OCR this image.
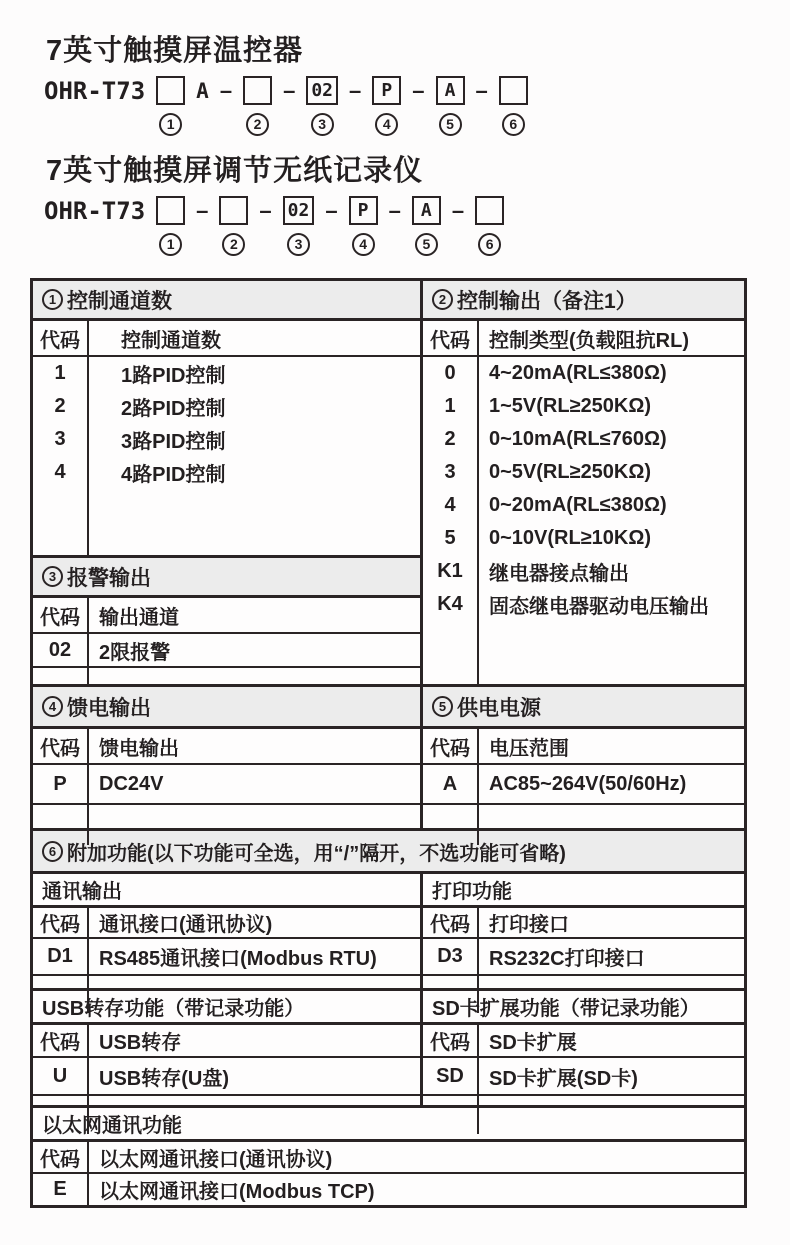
7英寸触摸屏温控器
OHR-T73
1
A –
2
– 02
3
–	P
4
–	A
5
–
6
7英寸触摸屏调节无纸记录仪
OHR-T73
1
–
2
– 02
3
–	P
4
–	A
5
–
6
1 控制通道数
代码	控制通道数
1	1路PID控制
2	2路PID控制
3	3路PID控制
4	4路PID控制
3 报警输出
代码 输出通道
02	2限报警
2 控制输出（备注1）
代码 控制类型(负载阻抗RL)
0	4~20mA(RL≤380Ω)
1	1~5V(RL≥250KΩ)
2	0~10mA(RL≤760Ω)
3	0~5V(RL≥250KΩ)
4	0~20mA(RL≤380Ω)
5	0~10V(RL≥10KΩ)
K1	继电器接点输出
K4	固态继电器驱动电压输出
4 馈电输出
代码 馈电输出
P	DC24V
5 供电电源
代码 电压范围
A	AC85~264V(50/60Hz)
6 附加功能(以下功能可全选，用“/”隔开，不选功能可省略)
通讯输出
代码 通讯接口(通讯协议)
D1	RS485通讯接口(Modbus RTU)
打印功能
代码 打印接口
D3	RS232C打印接口
USB转存功能（带记录功能）
代码 USB转存
U	USB转存(U盘)
SD卡扩展功能（带记录功能）
代码 SD卡扩展
SD	SD卡扩展(SD卡)
以太网通讯功能
代码 以太网通讯接口(通讯协议)
E	以太网通讯接口(Modbus TCP)
